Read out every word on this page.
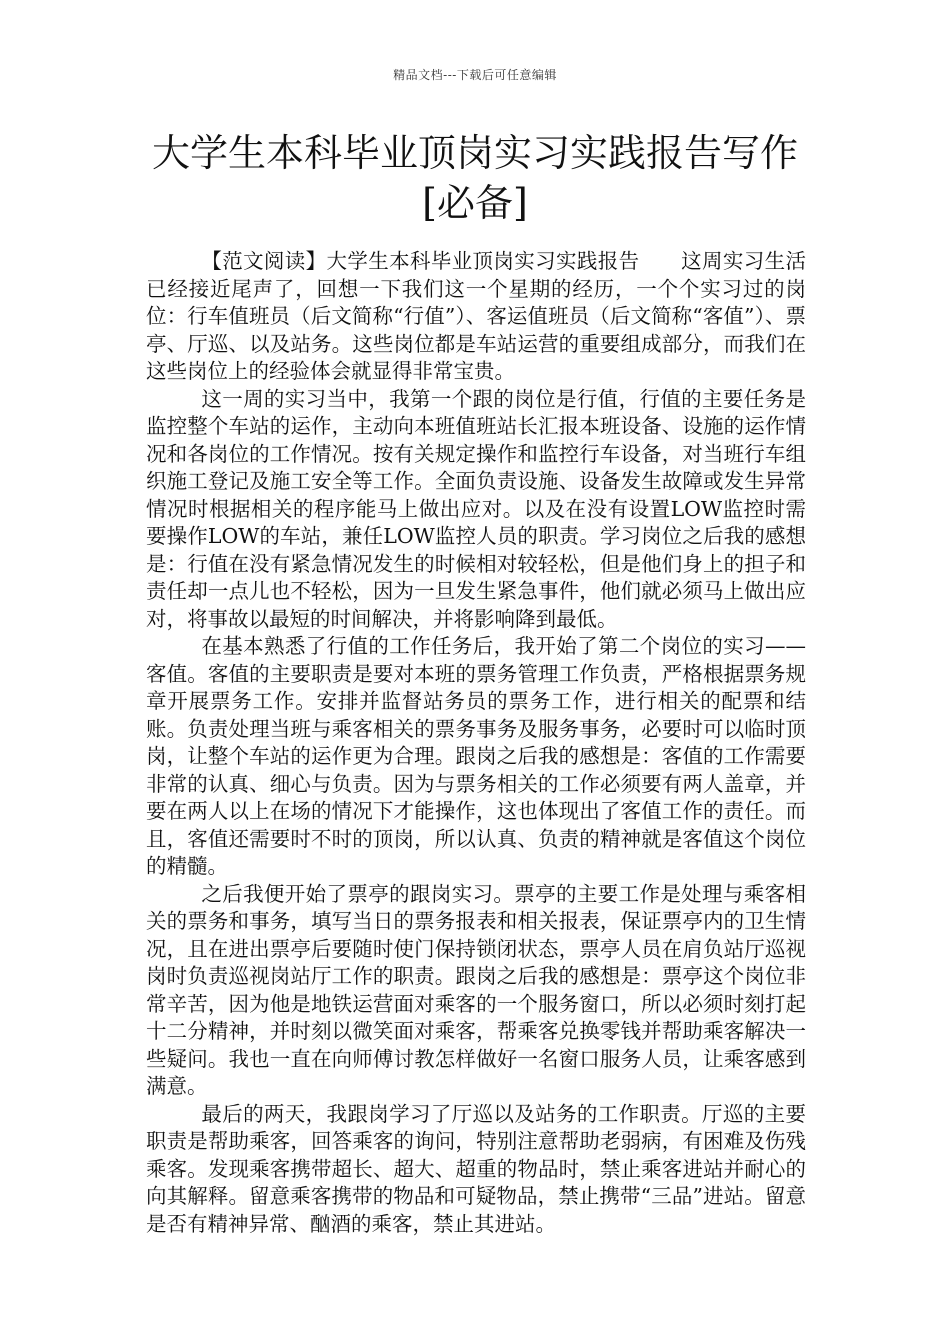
精品文档---下载后可任意编辑
大学生本科毕业顶岗实习实践报告写作[必备]

【范文阅读】大学生本科毕业顶岗实习实践报告　　这周实习生活已经接近尾声了，回想一下我们这一个星期的经历，一个个实习过的岗位：行车值班员（后文简称“行值”）、客运值班员（后文简称“客值”）、票亭、厅巡、以及站务。这些岗位都是车站运营的重要组成部分，而我们在这些岗位上的经验体会就显得非常宝贵。

这一周的实习当中，我第一个跟的岗位是行值，行值的主要任务是监控整个车站的运作，主动向本班值班站长汇报本班设备、设施的运作情况和各岗位的工作情况。按有关规定操作和监控行车设备，对当班行车组织施工登记及施工安全等工作。全面负责设施、设备发生故障或发生异常情况时根据相关的程序能马上做出应对。以及在没有设置LOW监控时需要操作LOW的车站，兼任LOW监控人员的职责。学习岗位之后我的感想是：行值在没有紧急情况发生的时候相对较轻松，但是他们身上的担子和责任却一点儿也不轻松，因为一旦发生紧急事件，他们就必须马上做出应对，将事故以最短的时间解决，并将影响降到最低。

在基本熟悉了行值的工作任务后，我开始了第二个岗位的实习——客值。客值的主要职责是要对本班的票务管理工作负责，严格根据票务规章开展票务工作。安排并监督站务员的票务工作，进行相关的配票和结账。负责处理当班与乘客相关的票务事务及服务事务，必要时可以临时顶岗，让整个车站的运作更为合理。跟岗之后我的感想是：客值的工作需要非常的认真、细心与负责。因为与票务相关的工作必须要有两人盖章，并要在两人以上在场的情况下才能操作，这也体现出了客值工作的责任。而且，客值还需要时不时的顶岗，所以认真、负责的精神就是客值这个岗位的精髓。

之后我便开始了票亭的跟岗实习。票亭的主要工作是处理与乘客相关的票务和事务，填写当日的票务报表和相关报表，保证票亭内的卫生情况，且在进出票亭后要随时使门保持锁闭状态，票亭人员在肩负站厅巡视岗时负责巡视岗站厅工作的职责。跟岗之后我的感想是：票亭这个岗位非常辛苦，因为他是地铁运营面对乘客的一个服务窗口，所以必须时刻打起十二分精神，并时刻以微笑面对乘客，帮乘客兑换零钱并帮助乘客解决一些疑问。我也一直在向师傅讨教怎样做好一名窗口服务人员，让乘客感到满意。

最后的两天，我跟岗学习了厅巡以及站务的工作职责。厅巡的主要职责是帮助乘客，回答乘客的询问，特别注意帮助老弱病，有困难及伤残乘客。发现乘客携带超长、超大、超重的物品时，禁止乘客进站并耐心的向其解释。留意乘客携带的物品和可疑物品，禁止携带“三品”进站。留意是否有精神异常、酗酒的乘客，禁止其进站。
